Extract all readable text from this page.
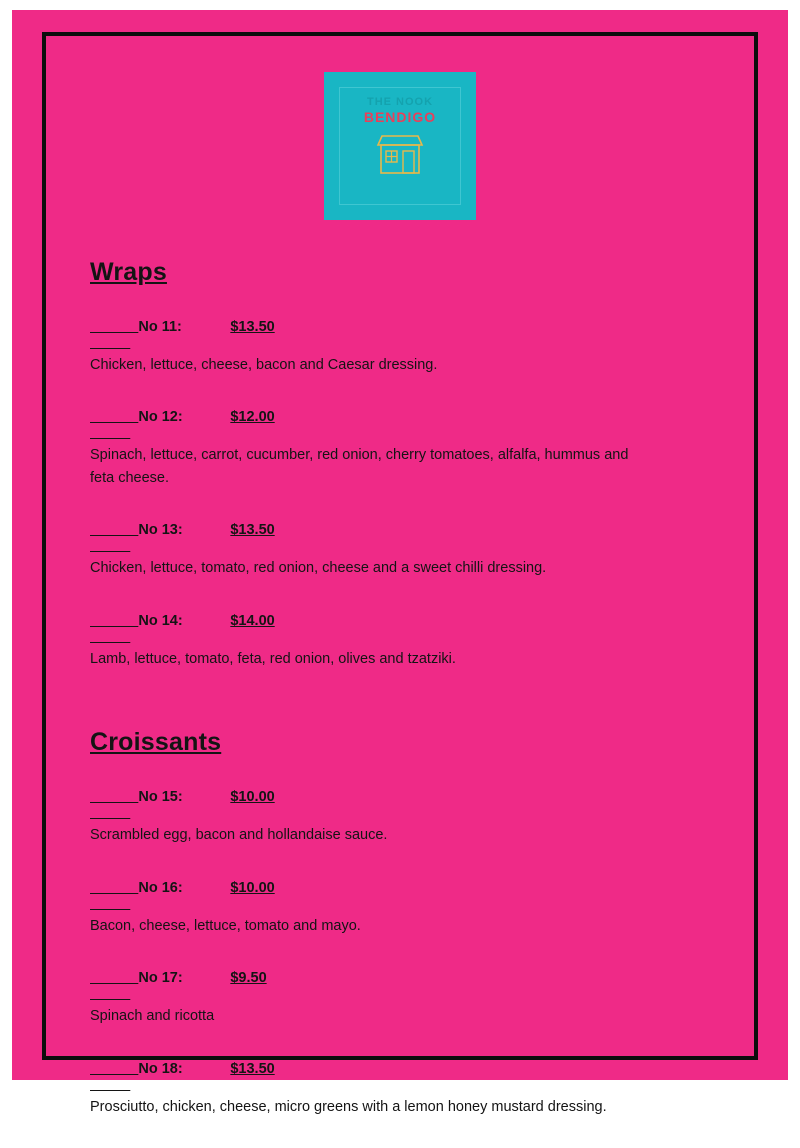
THE NOOK
BENDIGO
Wraps

No 11:	$13.50

Chicken, lettuce, cheese, bacon and Caesar dressing.

No 12:	$12.00

Spinach, lettuce, carrot, cucumber, red onion, cherry tomatoes, alfalfa, hummus and feta cheese.

No 13:	$13.50

Chicken, lettuce, tomato, red onion, cheese and a sweet chilli dressing.

No 14:	$14.00

Lamb, lettuce, tomato, feta, red onion, olives and tzatziki.
Croissants

No 15:	$10.00

Scrambled egg, bacon and hollandaise sauce.

No 16:	$10.00

Bacon, cheese, lettuce, tomato and mayo.

No 17:	$9.50

Spinach and ricotta

No 18:	$13.50

Prosciutto, chicken, cheese, micro greens with a lemon honey mustard dressing.
